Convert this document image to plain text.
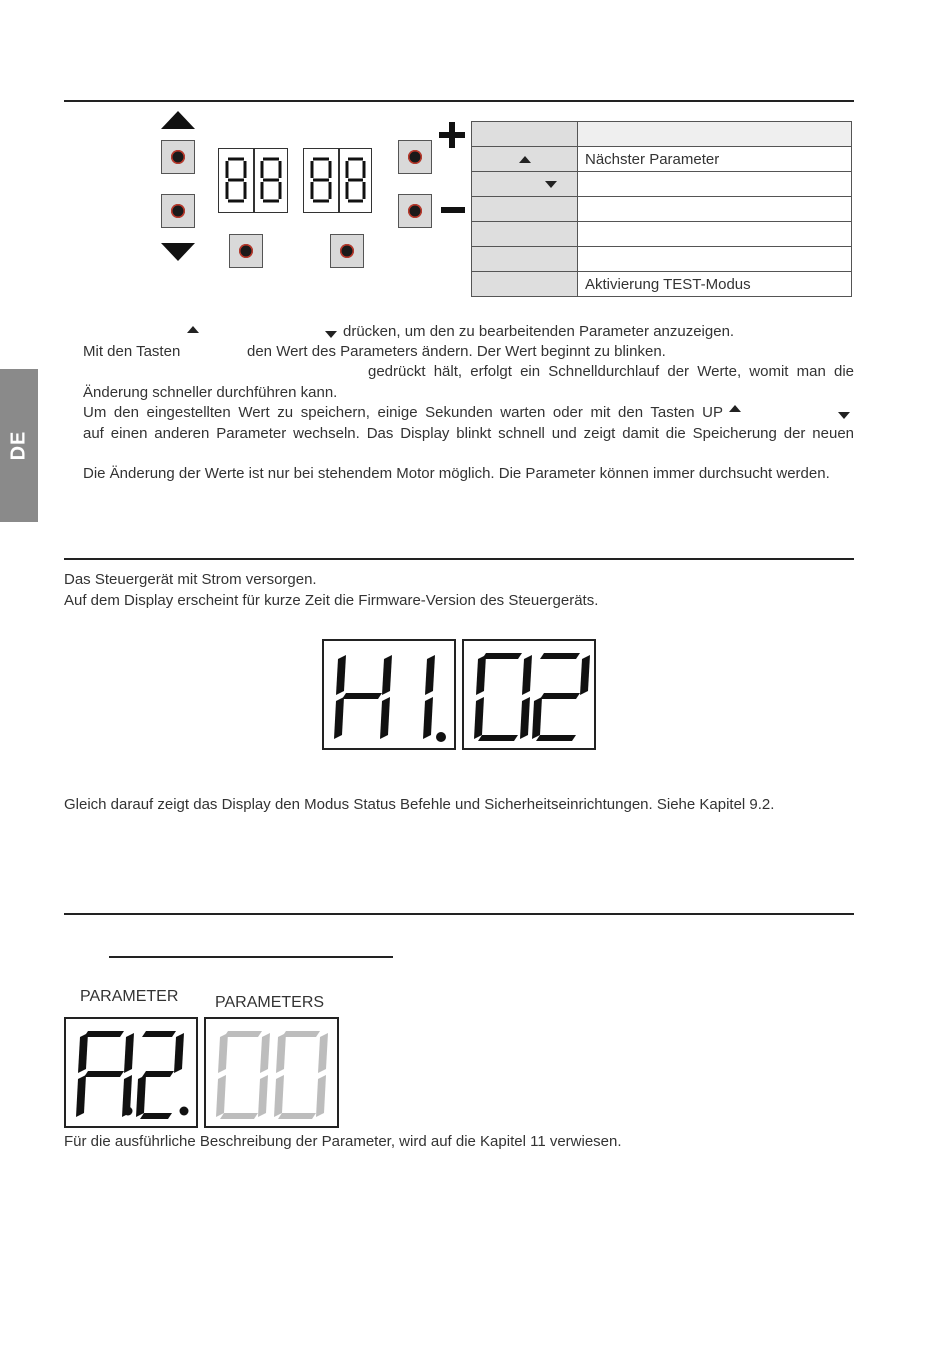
DE

	Nächster Parameter

	Aktivierung TEST-Modus
drücken, um den zu bearbeitenden Parameter anzuzeigen.
Mit den Tasten	den Wert des Parameters ändern. Der Wert beginnt zu blinken.
gedrückt hält, erfolgt ein Schnelldurchlauf der Werte, womit man die
Änderung schneller durchführen kann.
Um den eingestellten Wert zu speichern, einige Sekunden warten oder mit den Tasten UP
auf einen anderen Parameter wechseln. Das Display blinkt schnell und zeigt damit die Speicherung der neuen
Die Änderung der Werte ist nur bei stehendem Motor möglich. Die Parameter können immer durchsucht werden.
Das Steuergerät mit Strom versorgen.
Auf dem Display erscheint für kurze Zeit die Firmware-Version des Steuergeräts.
Gleich darauf zeigt das Display den Modus Status Befehle und Sicherheitseinrichtungen. Siehe Kapitel 9.2.
PARAMETER PARAMETERS
Für die ausführliche Beschreibung der Parameter, wird auf die Kapitel 11 verwiesen.
